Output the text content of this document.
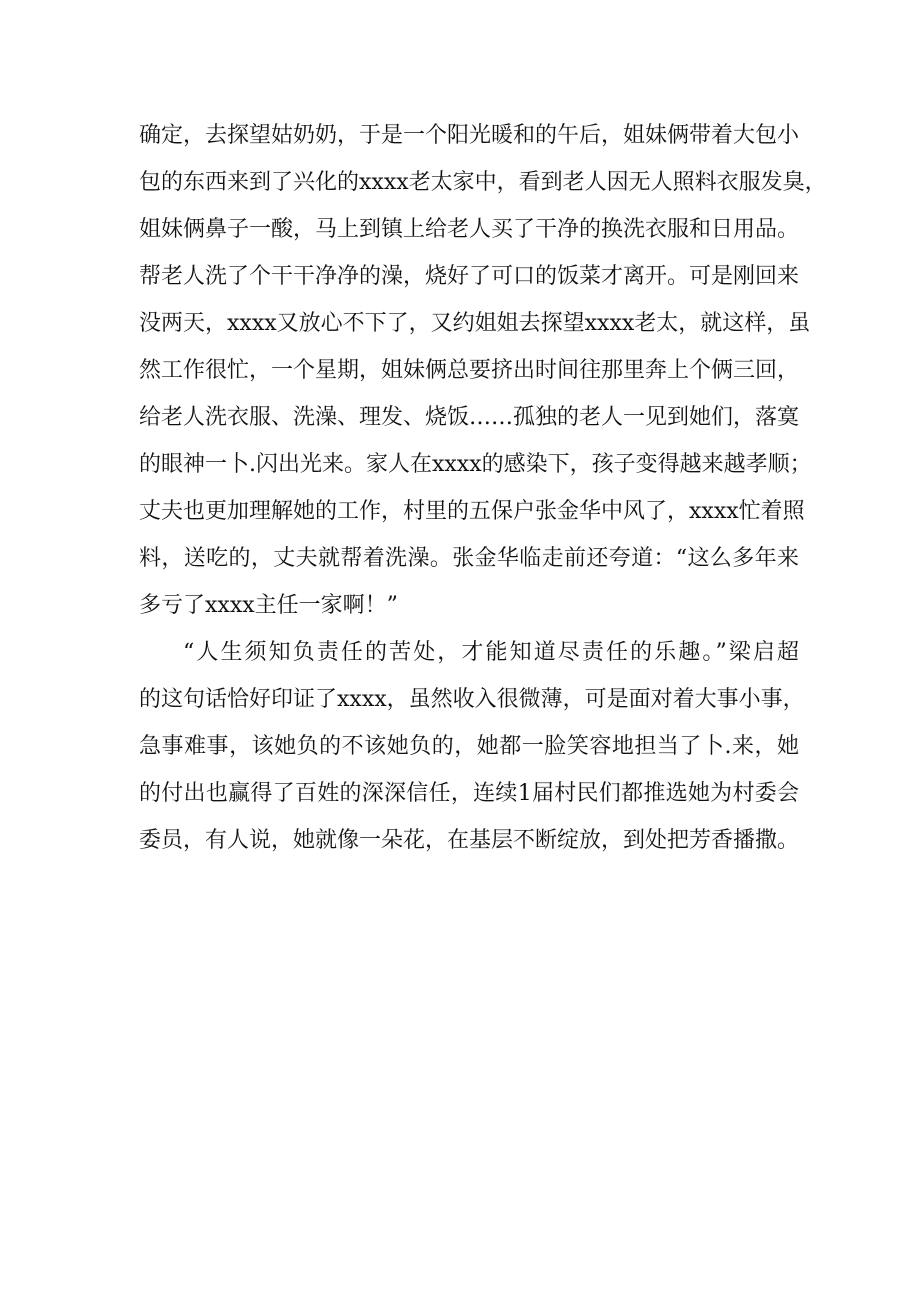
确定，去探望姑奶奶，于是一个阳光暖和的午后，姐妹俩带着大包小
包的东西来到了兴化的xxxx老太家中，看到老人因无人照料衣服发臭，
姐妹俩鼻子一酸，马上到镇上给老人买了干净的换洗衣服和日用品。
帮老人洗了个干干净净的澡，烧好了可口的饭菜才离开。可是刚回来
没两天，xxxx又放心不下了，又约姐姐去探望xxxx老太，就这样，虽
然工作很忙，一个星期，姐妹俩总要挤出时间往那里奔上个俩三回，
给老人洗衣服、洗澡、理发、烧饭……孤独的老人一见到她们，落寞
的眼神一卜.闪出光来。家人在xxxx的感染下，孩子变得越来越孝顺；
丈夫也更加理解她的工作，村里的五保户张金华中风了，xxxx忙着照
料，送吃的，丈夫就帮着洗澡。张金华临走前还夸道：“这么多年来
多亏了xxxx主任一家啊！”
“人生须知负责任的苦处，才能知道尽责任的乐趣。”梁启超
的这句话恰好印证了xxxx，虽然收入很微薄，可是面对着大事小事，
急事难事，该她负的不该她负的，她都一脸笑容地担当了卜.来，她
的付出也赢得了百姓的深深信任，连续1届村民们都推选她为村委会
委员，有人说，她就像一朵花，在基层不断绽放，到处把芳香播撒。
